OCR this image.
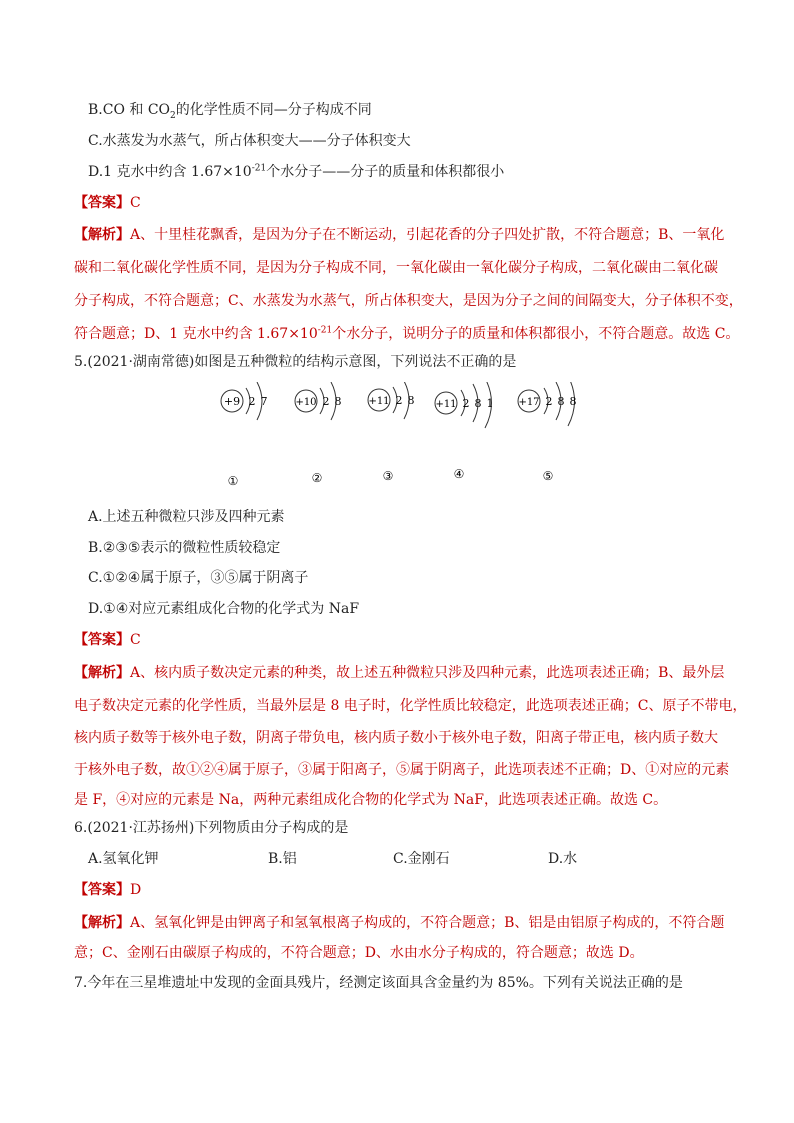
B.CO 和 $CO_2$的化学性质不同—分子构成不同
C.水蒸发为水蒸气，所占体积变大——分子体积变大
D.1 克水中约含 $1.67\times 10^{-21}$个水分子——分子的质量和体积都很小
【答案】C
【解析】A、十里桂花飘香，是因为分子在不断运动，引起花香的分子四处扩散，不符合题意；B、一氧化
碳和二氧化碳化学性质不同，是因为分子构成不同，一氧化碳由一氧化碳分子构成，二氧化碳由二氧化碳
分子构成，不符合题意；C、水蒸发为水蒸气，所占体积变大，是因为分子之间的间隔变大，分子体积不变，
符合题意；D、1 克水中约含 $1.67\times 10^{-21}$个水分子，说明分子的质量和体积都很小，不符合题意。故选 C。
5.(2021·湖南常德)如图是五种微粒的结构示意图，下列说法不正确的是
+9 2 7
①
+10 2 8
②
+11 2 8
③
+11 2 8 1
④
+17 2 8 8
⑤
A.上述五种微粒只涉及四种元素
B.②③⑤表示的微粒性质较稳定
C.①②④属于原子，③⑤属于阴离子
D.①④对应元素组成化合物的化学式为 NaF
【答案】C
【解析】A、核内质子数决定元素的种类，故上述五种微粒只涉及四种元素，此选项表述正确；B、最外层
电子数决定元素的化学性质，当最外层是 8 电子时，化学性质比较稳定，此选项表述正确；C、原子不带电，
核内质子数等于核外电子数，阴离子带负电，核内质子数小于核外电子数，阳离子带正电，核内质子数大
于核外电子数，故①②④属于原子，③属于阳离子，⑤属于阴离子，此选项表述不正确；D、①对应的元素
是 F，④对应的元素是 Na，两种元素组成化合物的化学式为 NaF，此选项表述正确。故选 C。
6.(2021·江苏扬州)下列物质由分子构成的是
A.氢氧化钾	B.铝	C.金刚石	D.水
【答案】D
【解析】A、氢氧化钾是由钾离子和氢氧根离子构成的，不符合题意；B、铝是由铝原子构成的，不符合题
意；C、金刚石由碳原子构成的，不符合题意；D、水由水分子构成的，符合题意；故选 D。
7.今年在三星堆遗址中发现的金面具残片，经测定该面具含金量约为 85%。下列有关说法正确的是
